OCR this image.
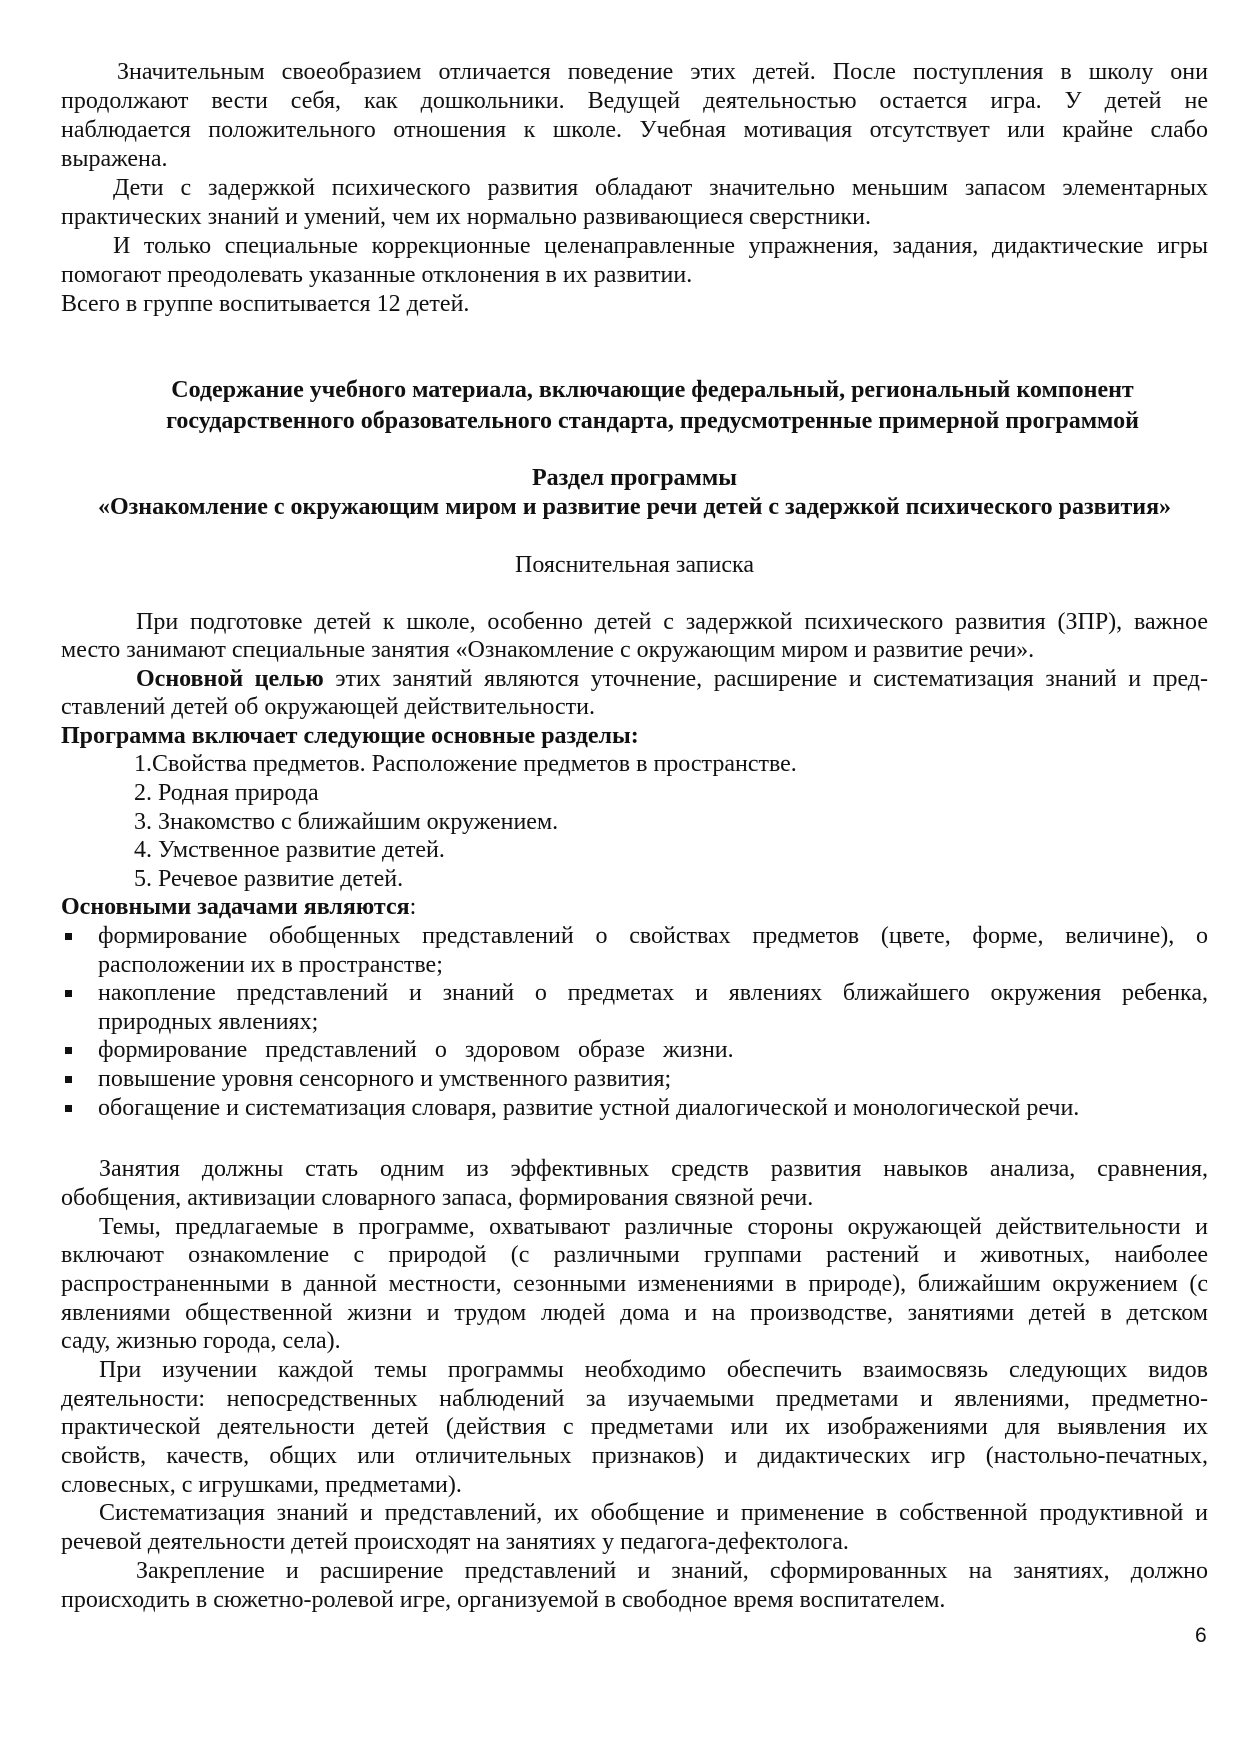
Значительным своеобразием отличается поведение этих детей. После поступления в школу они
продолжают вести себя, как дошкольники. Ведущей деятельностью остается игра. У детей не
наблюдается положительного отношения к школе. Учебная мотивация отсутствует или крайне слабо
выражена.
Дети с задержкой психического развития обладают значительно меньшим запасом элементарных
практических знаний и умений, чем их нормально развивающиеся сверстники.
И только специальные коррекционные целенаправленные упражнения, задания, дидактические игры
помогают преодолевать указанные отклонения в их развитии.
Всего в группе воспитывается 12 детей.
Содержание учебного материала, включающие федеральный, региональный компонент
государственного образовательного стандарта, предусмотренные примерной программой
Раздел программы
«Ознакомление с окружающим миром и развитие речи детей с задержкой психического развития»
Пояснительная записка
При подготовке детей к школе, особенно детей с задержкой психического развития (ЗПР), важное
место занимают специальные занятия «Ознакомление с окружающим миром и развитие речи».
Основной целью этих занятий являются уточнение, расширение и систематизация знаний и пред-
ставлений детей об окружающей действительности.
Программа включает следующие основные разделы:
1.Свойства предметов. Расположение предметов в пространстве.
2. Родная природа
3. Знакомство с ближайшим окружением.
4. Умственное развитие детей.
5. Речевое развитие детей.
Основными задачами являются:
формирование обобщенных представлений о свойствах предметов (цвете, форме, величине), о
расположении их в пространстве;
накопление представлений и знаний о предметах и явлениях ближайшего окружения ребенка,
природных явлениях;
формирование представлений о здоровом образе жизни.
повышение уровня сенсорного и умственного развития;
обогащение и систематизация словаря, развитие устной диалогической и монологической речи.
Занятия должны стать одним из эффективных средств развития навыков анализа, сравнения,
обобщения, активизации словарного запаса, формирования связной речи.
Темы, предлагаемые в программе, охватывают различные стороны окружающей действительности и
включают ознакомление с природой (с различными группами растений и животных, наиболее
распространенными в данной местности, сезонными изменениями в природе), ближайшим окружением (с
явлениями общественной жизни и трудом людей дома и на производстве, занятиями детей в детском
саду, жизнью города, села).
При изучении каждой темы программы необходимо обеспечить взаимосвязь следующих видов
деятельности: непосредственных наблюдений за изучаемыми предметами и явлениями, предметно-
практической деятельности детей (действия с предметами или их изображениями для выявления их
свойств, качеств, общих или отличительных признаков) и дидактических игр (настольно-печатных,
словесных, с игрушками, предметами).
Систематизация знаний и представлений, их обобщение и применение в собственной продуктивной и
речевой деятельности детей происходят на занятиях у педагога-дефектолога.
Закрепление и расширение представлений и знаний, сформированных на занятиях, должно
происходить в сюжетно-ролевой игре, организуемой в свободное время воспитателем.
6
